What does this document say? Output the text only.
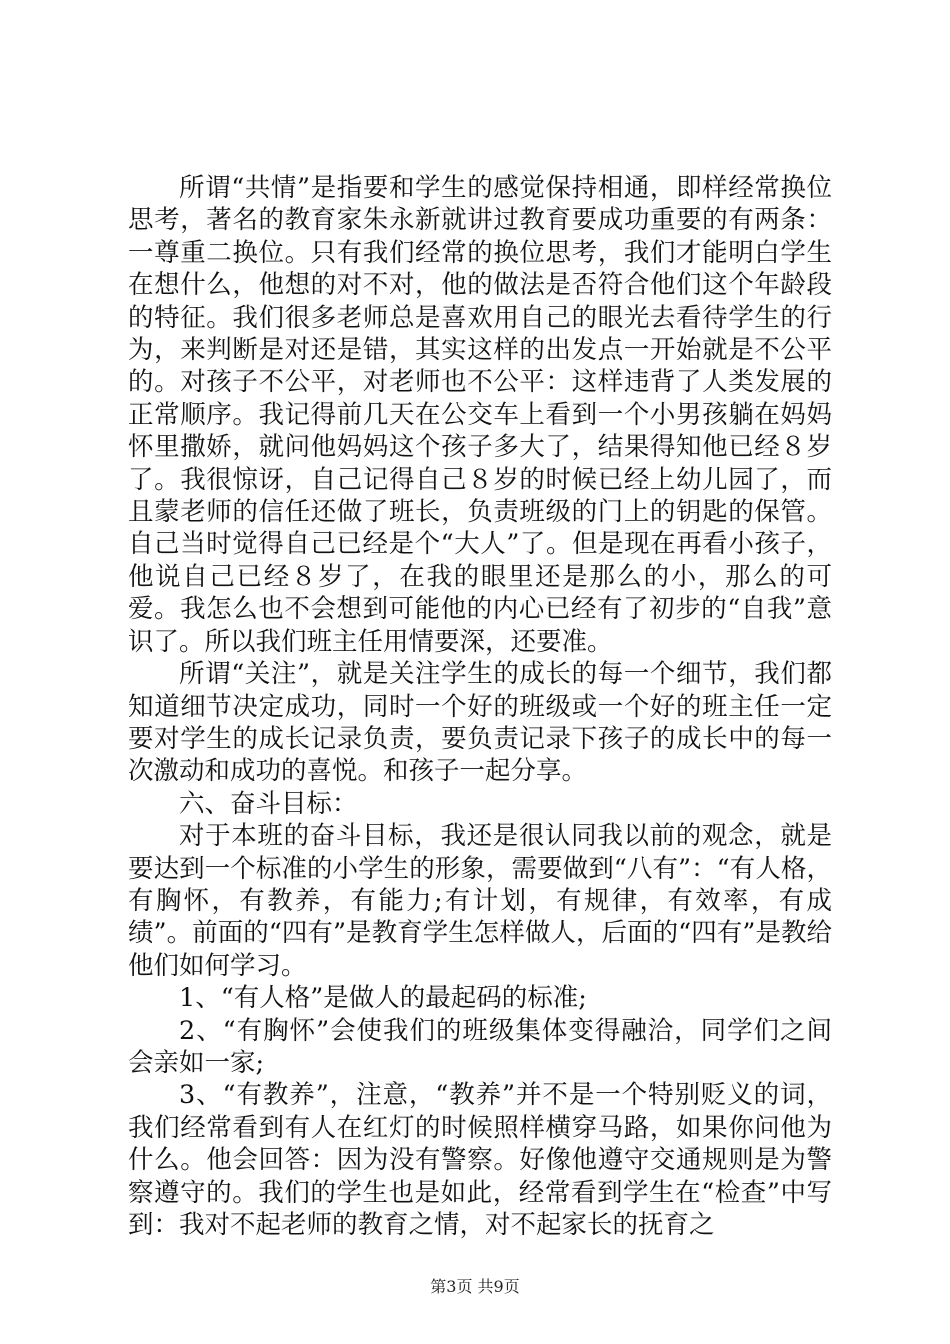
所谓“共情”是指要和学生的感觉保持相通，即样经常换位思考，著名的教育家朱永新就讲过教育要成功重要的有两条：一尊重二换位。只有我们经常的换位思考，我们才能明白学生在想什么，他想的对不对，他的做法是否符合他们这个年龄段的特征。我们很多老师总是喜欢用自己的眼光去看待学生的行为，来判断是对还是错，其实这样的出发点一开始就是不公平的。对孩子不公平，对老师也不公平：这样违背了人类发展的正常顺序。我记得前几天在公交车上看到一个小男孩躺在妈妈怀里撒娇，就问他妈妈这个孩子多大了，结果得知他已经８岁了。我很惊讶，自己记得自己８岁的时候已经上幼儿园了，而且蒙老师的信任还做了班长，负责班级的门上的钥匙的保管。自己当时觉得自己已经是个“大人”了。但是现在再看小孩子，他说自己已经８岁了，在我的眼里还是那么的小，那么的可爱。我怎么也不会想到可能他的内心已经有了初步的“自我”意识了。所以我们班主任用情要深，还要准。

所谓“关注”，就是关注学生的成长的每一个细节，我们都知道细节决定成功，同时一个好的班级或一个好的班主任一定要对学生的成长记录负责，要负责记录下孩子的成长中的每一次激动和成功的喜悦。和孩子一起分享。

六、奋斗目标：

对于本班的奋斗目标，我还是很认同我以前的观念，就是要达到一个标准的小学生的形象，需要做到“八有”：“有人格，有胸怀，有教养，有能力;有计划，有规律，有效率，有成绩”。前面的“四有”是教育学生怎样做人，后面的“四有”是教给他们如何学习。

1、“有人格”是做人的最起码的标准;

2、“有胸怀”会使我们的班级集体变得融洽，同学们之间会亲如一家;

3、“有教养”，注意，“教养”并不是一个特别贬义的词，我们经常看到有人在红灯的时候照样横穿马路，如果你问他为什么。他会回答：因为没有警察。好像他遵守交通规则是为警察遵守的。我们的学生也是如此，经常看到学生在“检查”中写到：我对不起老师的教育之情，对不起家长的抚育之

第3页 共9页
